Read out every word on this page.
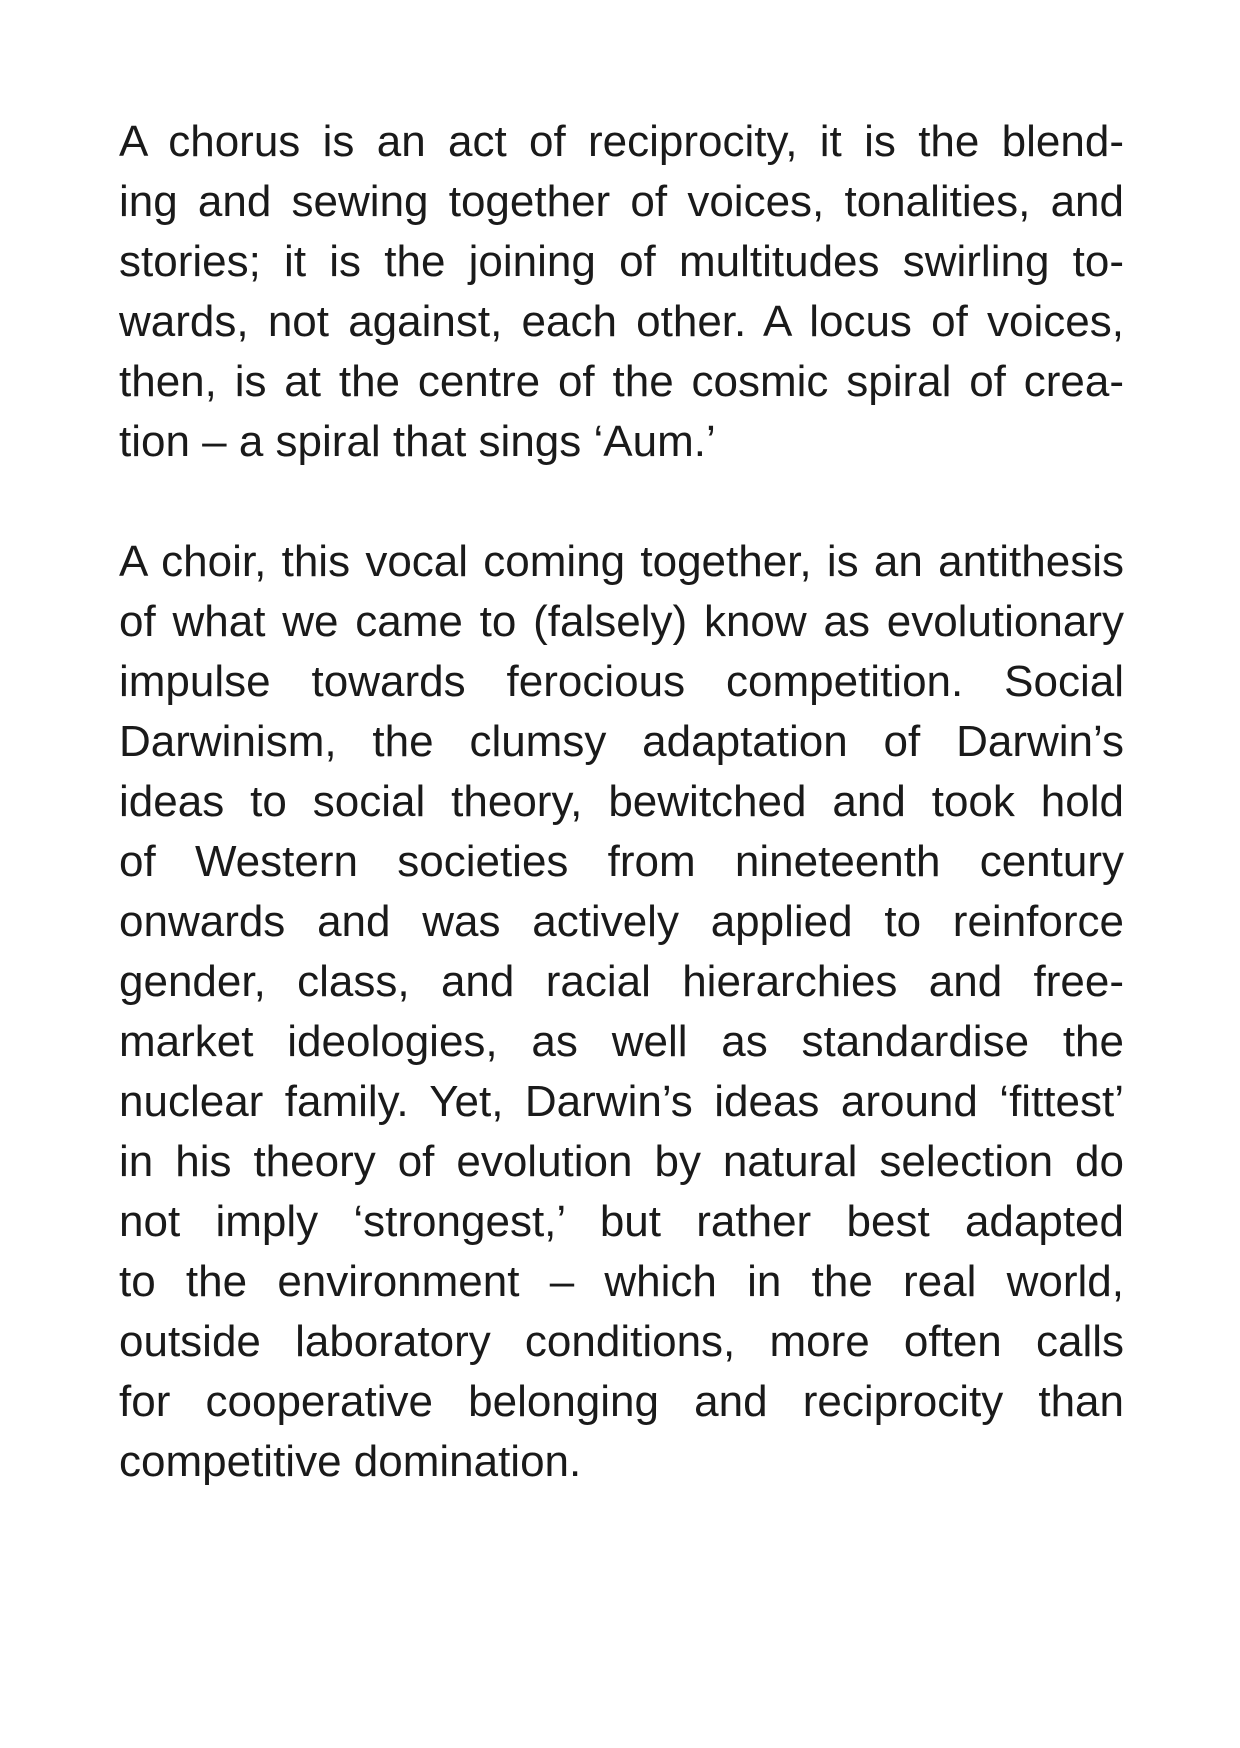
A chorus is an act of reciprocity, it is the blend-
ing and sewing together of voices, tonalities, and
stories; it is the joining of multitudes swirling to-
wards, not against, each other. A locus of voices,
then, is at the centre of the cosmic spiral of crea-
tion – a spiral that sings ‘Aum.’
A choir, this vocal coming together, is an antithesis
of what we came to (falsely) know as evolutionary
impulse towards ferocious competition. Social
Darwinism, the clumsy adaptation of Darwin’s
ideas to social theory, bewitched and took hold
of Western societies from nineteenth century
onwards and was actively applied to reinforce
gender, class, and racial hierarchies and free-
market ideologies, as well as standardise the
nuclear family. Yet, Darwin’s ideas around ‘fittest’
in his theory of evolution by natural selection do
not imply ‘strongest,’ but rather best adapted
to the environment – which in the real world,
outside laboratory conditions, more often calls
for cooperative belonging and reciprocity than
competitive domination.
